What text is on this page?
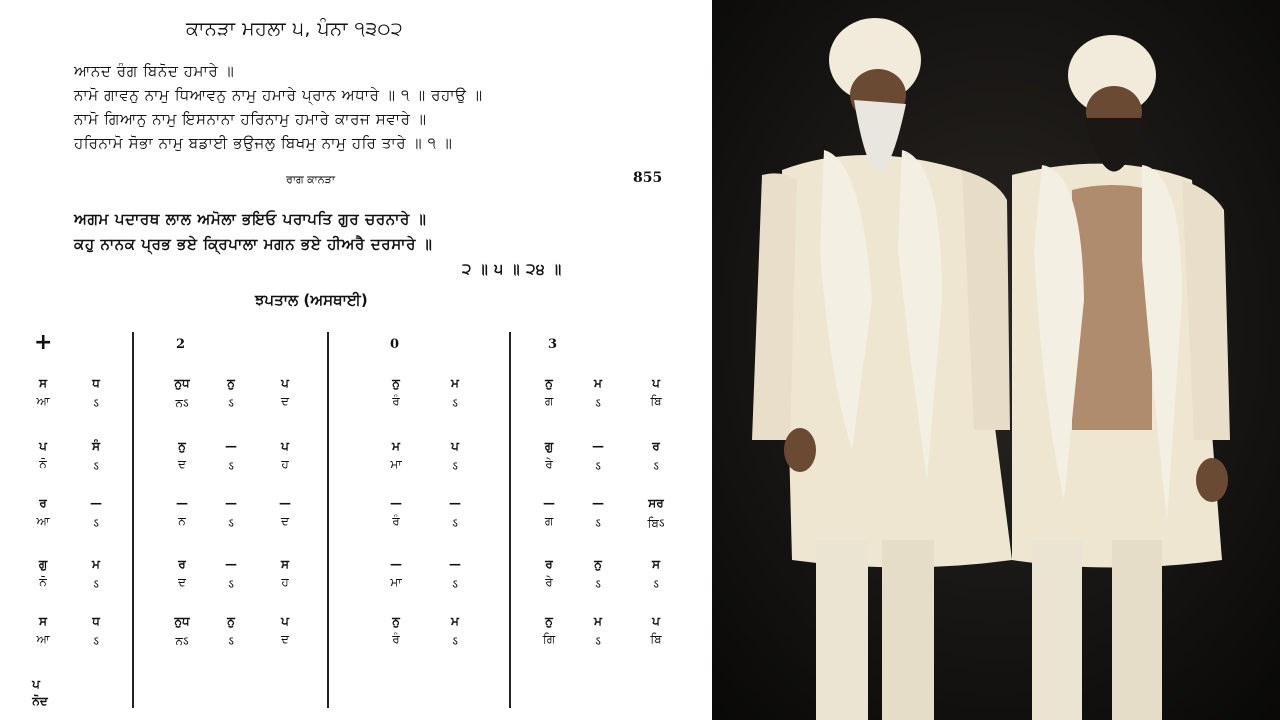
ਕਾਨੜਾ ਮਹਲਾ ੫, ਪੰਨਾ ੧੩੦੨
ਆਨਦ ਰੰਗ ਬਿਨੋਦ ਹਮਾਰੇ ॥
ਨਾਮੋ ਗਾਵਨੁ ਨਾਮੁ ਧਿਆਵਨੁ ਨਾਮੁ ਹਮਾਰੇ ਪ੍ਰਾਨ ਅਧਾਰੇ ॥ ੧ ॥ ਰਹਾਉ ॥
ਨਾਮੋ ਗਿਆਨੁ ਨਾਮੁ ਇਸਨਾਨਾ ਹਰਿਨਾਮੁ ਹਮਾਰੇ ਕਾਰਜ ਸਵਾਰੇ ॥
ਹਰਿਨਾਮੋ ਸੋਭਾ ਨਾਮੁ ਬਡਾਈ ਭਉਜਲੁ ਬਿਖਮੁ ਨਾਮੁ ਹਰਿ ਤਾਰੇ ॥ ੧ ॥
ਰਾਗ ਕਾਨੜਾ	855
ਅਗਮ ਪਦਾਰਥ ਲਾਲ ਅਮੋਲਾ ਭਇਓ ਪਰਾਪਤਿ ਗੁਰ ਚਰਨਾਰੇ ॥
ਕਹੁ ਨਾਨਕ ਪ੍ਰਭ ਭਏ ਕ੍ਰਿਪਾਲਾ ਮਗਨ ਭਏ ਹੀਅਰੈ ਦਰਸਾਰੇ ॥
੨ ॥ ੫ ॥ ੨੪ ॥
ਝਪਤਾਲ (ਅਸਥਾਈ)
+	2	0	3
ਸ	ਧ	ਨੁਧ	ਨੁ	ਪ	ਨੁ	ਮ	ਨੁ	ਮ	ਪ
ਆ	ऽ	ਨऽ	ऽ	ਦ	ਰੰ	ऽ	ਗ	ऽ	ਬਿ
ਪ	ਸੰ	ਨੁ	—	ਪ	ਮ	ਪ	ਗੁ	—	ਰ
ਨੋ	ऽ	ਦ	ऽ	ਹ	ਮਾ	ऽ	ਰੇ	ऽ	ऽ
ਰ	—	—	—	—	—	—	—	—	ਸਰ
ਆ	ऽ	ਨ	ऽ	ਦ	ਰੰ	ऽ	ਗ	ऽ	ਬਿऽ
ਗੁ	ਮ	ਰ	—	ਸ	—	—	ਰ	ਨੁ	ਸ
ਨੋ	ऽ	ਦ	ऽ	ਹ	ਮਾ	ऽ	ਰੇ	ऽ	ऽ
ਸ	ਧ	ਨੁਧ	ਨੁ	ਪ	ਨੁ	ਮ	ਨੁ	ਮ	ਪ
ਆ	ऽ	ਨऽ	ऽ	ਦ	ਰੰ	ऽ	ਗਿ	ऽ	ਬਿ
ਪ
ਨੋਦ
